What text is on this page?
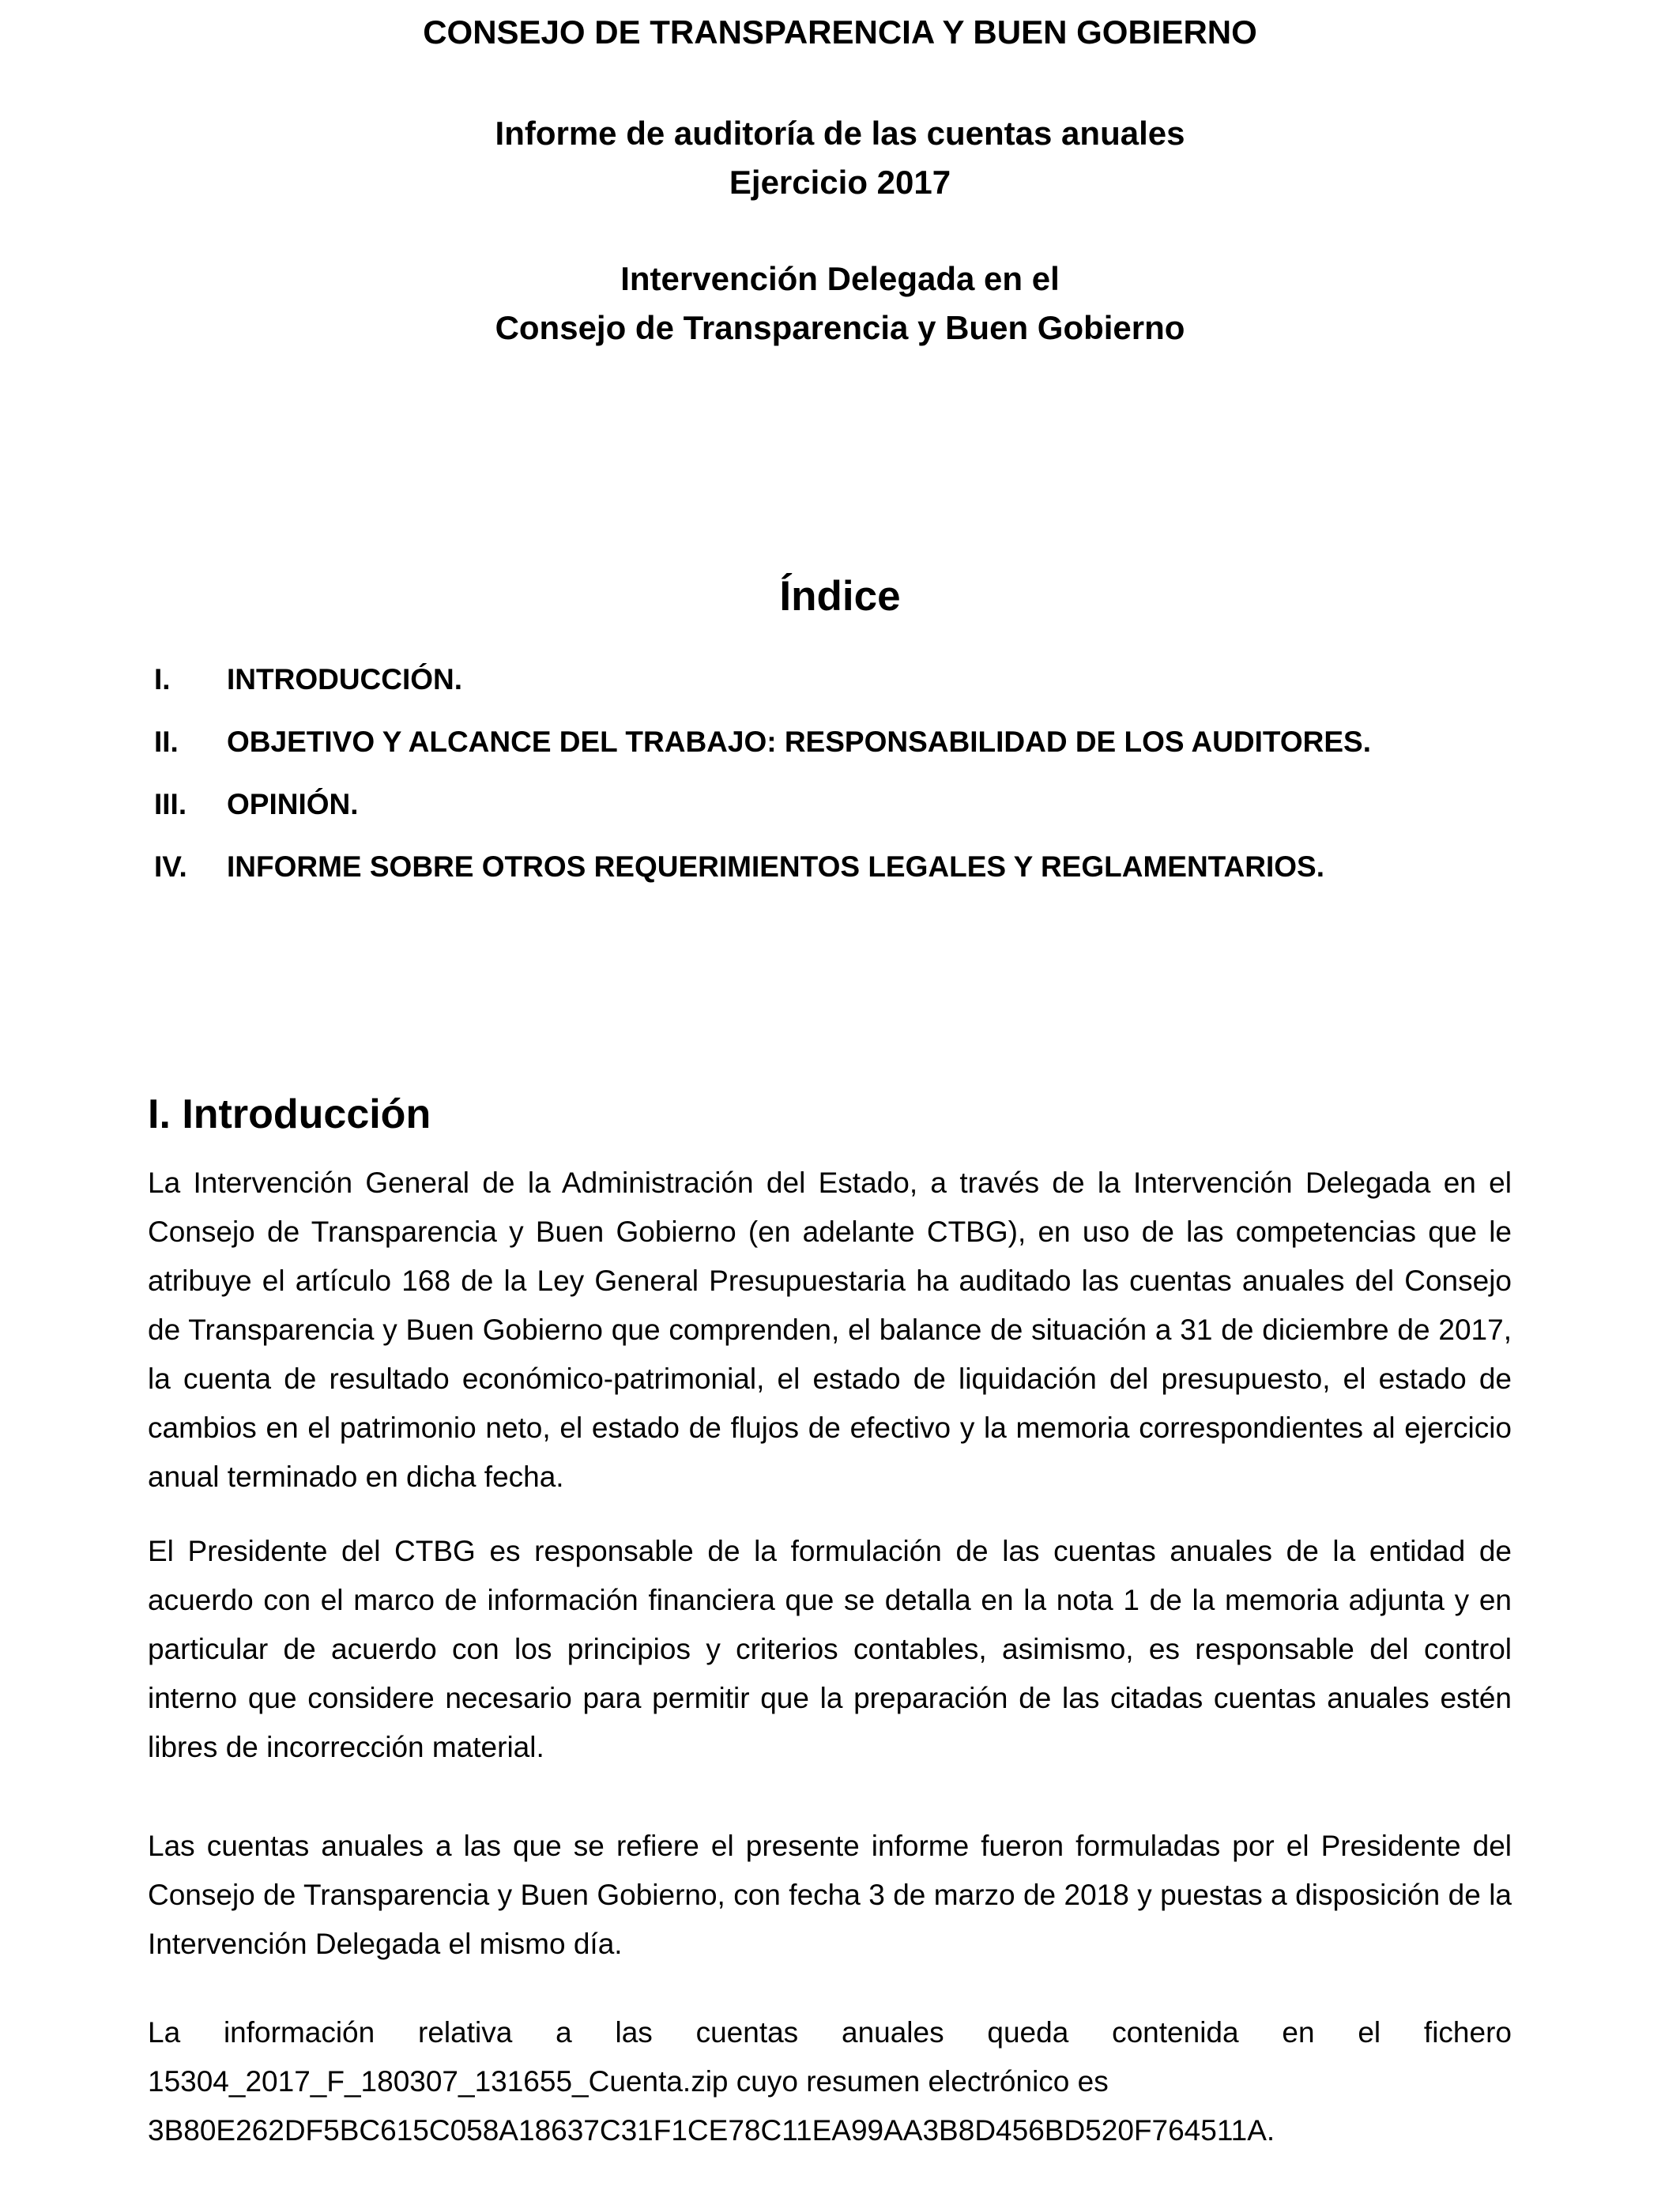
CONSEJO DE TRANSPARENCIA Y BUEN GOBIERNO
Informe de auditoría de las cuentas anuales
Ejercicio 2017
Intervención Delegada en el
Consejo de Transparencia y Buen Gobierno
Índice
I.	INTRODUCCIÓN.
II.	OBJETIVO Y ALCANCE DEL TRABAJO: RESPONSABILIDAD DE LOS AUDITORES.
III.	OPINIÓN.
IV.	INFORME SOBRE OTROS REQUERIMIENTOS LEGALES Y REGLAMENTARIOS.
I. Introducción

La Intervención General de la Administración del Estado, a través de la Intervención Delegada en el Consejo de Transparencia y Buen Gobierno (en adelante CTBG), en uso de las competencias que le atribuye el artículo 168 de la Ley General Presupuestaria ha auditado las cuentas anuales del Consejo de Transparencia y Buen Gobierno que comprenden, el balance de situación a 31 de diciembre de 2017, la cuenta de resultado económico-patrimonial, el estado de liquidación del presupuesto, el estado de cambios en el patrimonio neto, el estado de flujos de efectivo y la memoria correspondientes al ejercicio anual terminado en dicha fecha.

El Presidente del CTBG es responsable de la formulación de las cuentas anuales de la entidad de acuerdo con el marco de información financiera que se detalla en la nota 1 de la memoria adjunta y en particular de acuerdo con los principios y criterios contables, asimismo, es responsable del control interno que considere necesario para permitir que la preparación de las citadas cuentas anuales estén libres de incorrección material.

Las cuentas anuales a las que se refiere el presente informe fueron formuladas por el Presidente del Consejo de Transparencia y Buen Gobierno, con fecha 3 de marzo de 2018 y puestas a disposición de la Intervención Delegada el mismo día.

La información relativa a las cuentas anuales queda contenida en el fichero 15304_2017_F_180307_131655_Cuenta.zip cuyo resumen electrónico es
3B80E262DF5BC615C058A18637C31F1CE78C11EA99AA3B8D456BD520F764511A.
